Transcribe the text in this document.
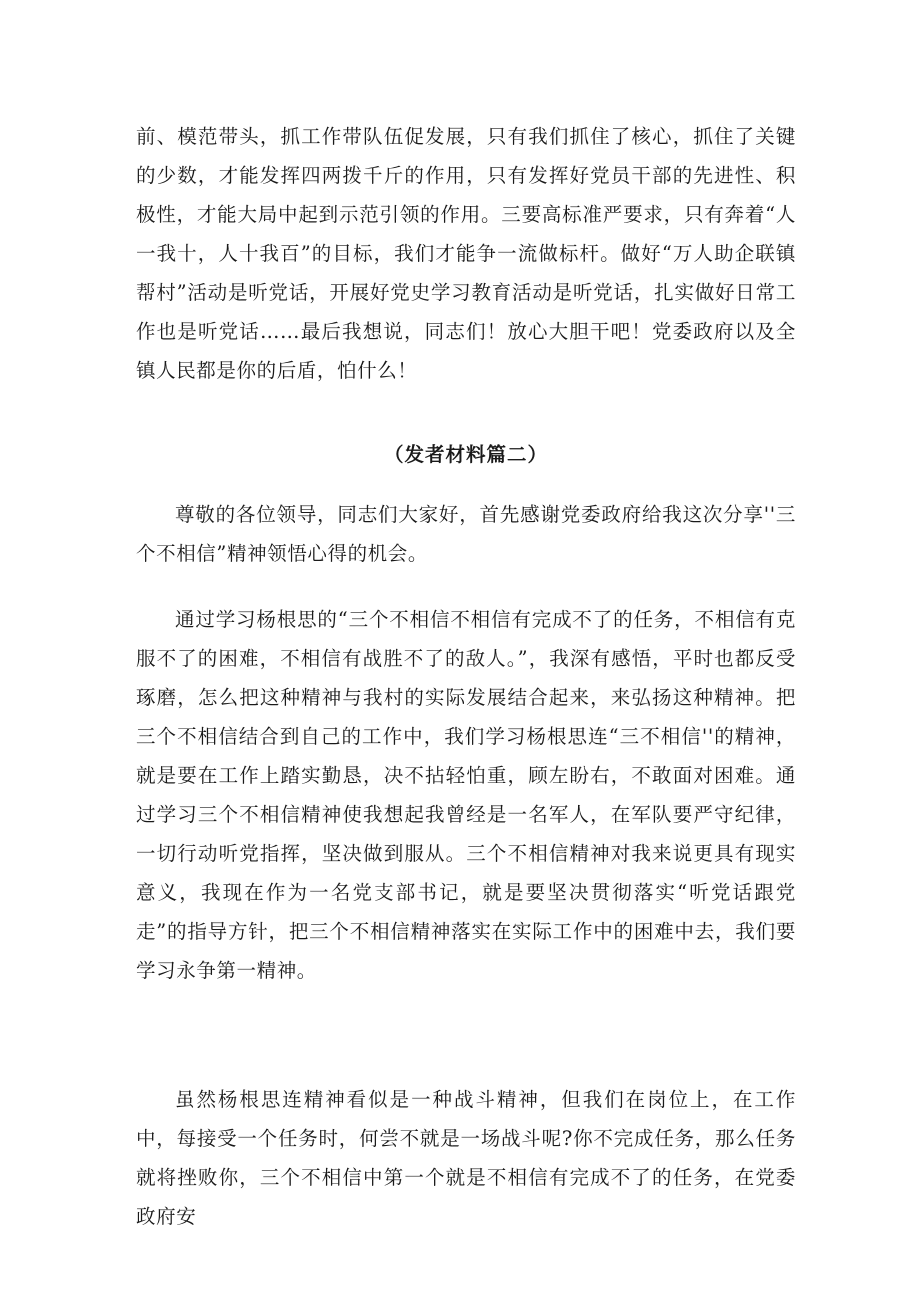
前、模范带头，抓工作带队伍促发展，只有我们抓住了核心，抓住了关键的少数，才能发挥四两拨千斤的作用，只有发挥好党员干部的先进性、积极性，才能大局中起到示范引领的作用。三要高标准严要求，只有奔着“人一我十，人十我百”的目标，我们才能争一流做标杆。做好“万人助企联镇帮村”活动是听党话，开展好党史学习教育活动是听党话，扎实做好日常工作也是听党话……最后我想说，同志们！放心大胆干吧！党委政府以及全镇人民都是你的后盾，怕什么！

（发者材料篇二）

尊敬的各位领导，同志们大家好，首先感谢党委政府给我这次分享''三个不相信”精神领悟心得的机会。

通过学习杨根思的“三个不相信不相信有完成不了的任务，不相信有克服不了的困难，不相信有战胜不了的敌人。”，我深有感悟，平时也都反受琢磨，怎么把这种精神与我村的实际发展结合起来，来弘扬这种精神。把三个不相信结合到自己的工作中，我们学习杨根思连“三不相信''的精神，就是要在工作上踏实勤恳，决不拈轻怕重，顾左盼右，不敢面对困难。通过学习三个不相信精神使我想起我曾经是一名军人，在军队要严守纪律，一切行动听党指挥，坚决做到服从。三个不相信精神对我来说更具有现实意义，我现在作为一名党支部书记，就是要坚决贯彻落实“听党话跟党走”的指导方针，把三个不相信精神落实在实际工作中的困难中去，我们要学习永争第一精神。

虽然杨根思连精神看似是一种战斗精神，但我们在岗位上，在工作中，每接受一个任务时，何尝不就是一场战斗呢?你不完成任务，那么任务就将挫败你，三个不相信中第一个就是不相信有完成不了的任务，在党委政府安
